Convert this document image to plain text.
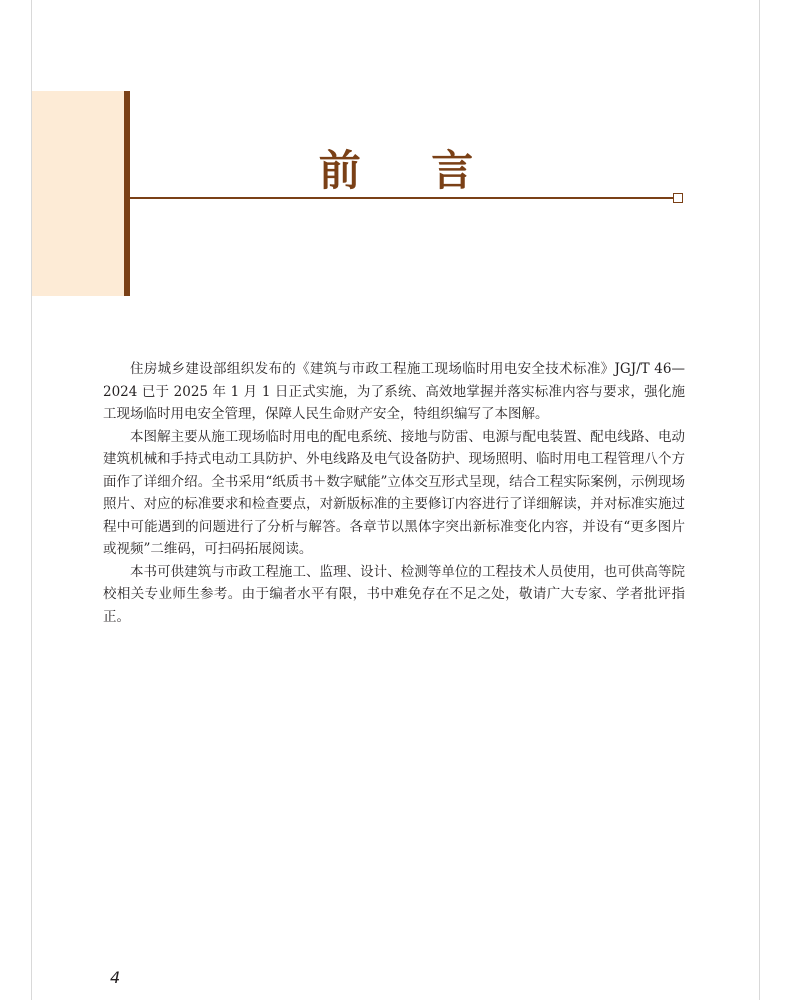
前 言

住房城乡建设部组织发布的《建筑与市政工程施工现场临时用电安全技术标准》JGJ/T 46—2024 已于 2025 年 1 月 1 日正式实施，为了系统、高效地掌握并落实标准内容与要求，强化施工现场临时用电安全管理，保障人民生命财产安全，特组织编写了本图解。

本图解主要从施工现场临时用电的配电系统、接地与防雷、电源与配电装置、配电线路、电动建筑机械和手持式电动工具防护、外电线路及电气设备防护、现场照明、临时用电工程管理八个方面作了详细介绍。全书采用“纸质书＋数字赋能”立体交互形式呈现，结合工程实际案例，示例现场照片、对应的标准要求和检查要点，对新版标准的主要修订内容进行了详细解读，并对标准实施过程中可能遇到的问题进行了分析与解答。各章节以黑体字突出新标准变化内容，并设有“更多图片或视频”二维码，可扫码拓展阅读。

本书可供建筑与市政工程施工、监理、设计、检测等单位的工程技术人员使用，也可供高等院校相关专业师生参考。由于编者水平有限，书中难免存在不足之处，敬请广大专家、学者批评指正。

4
